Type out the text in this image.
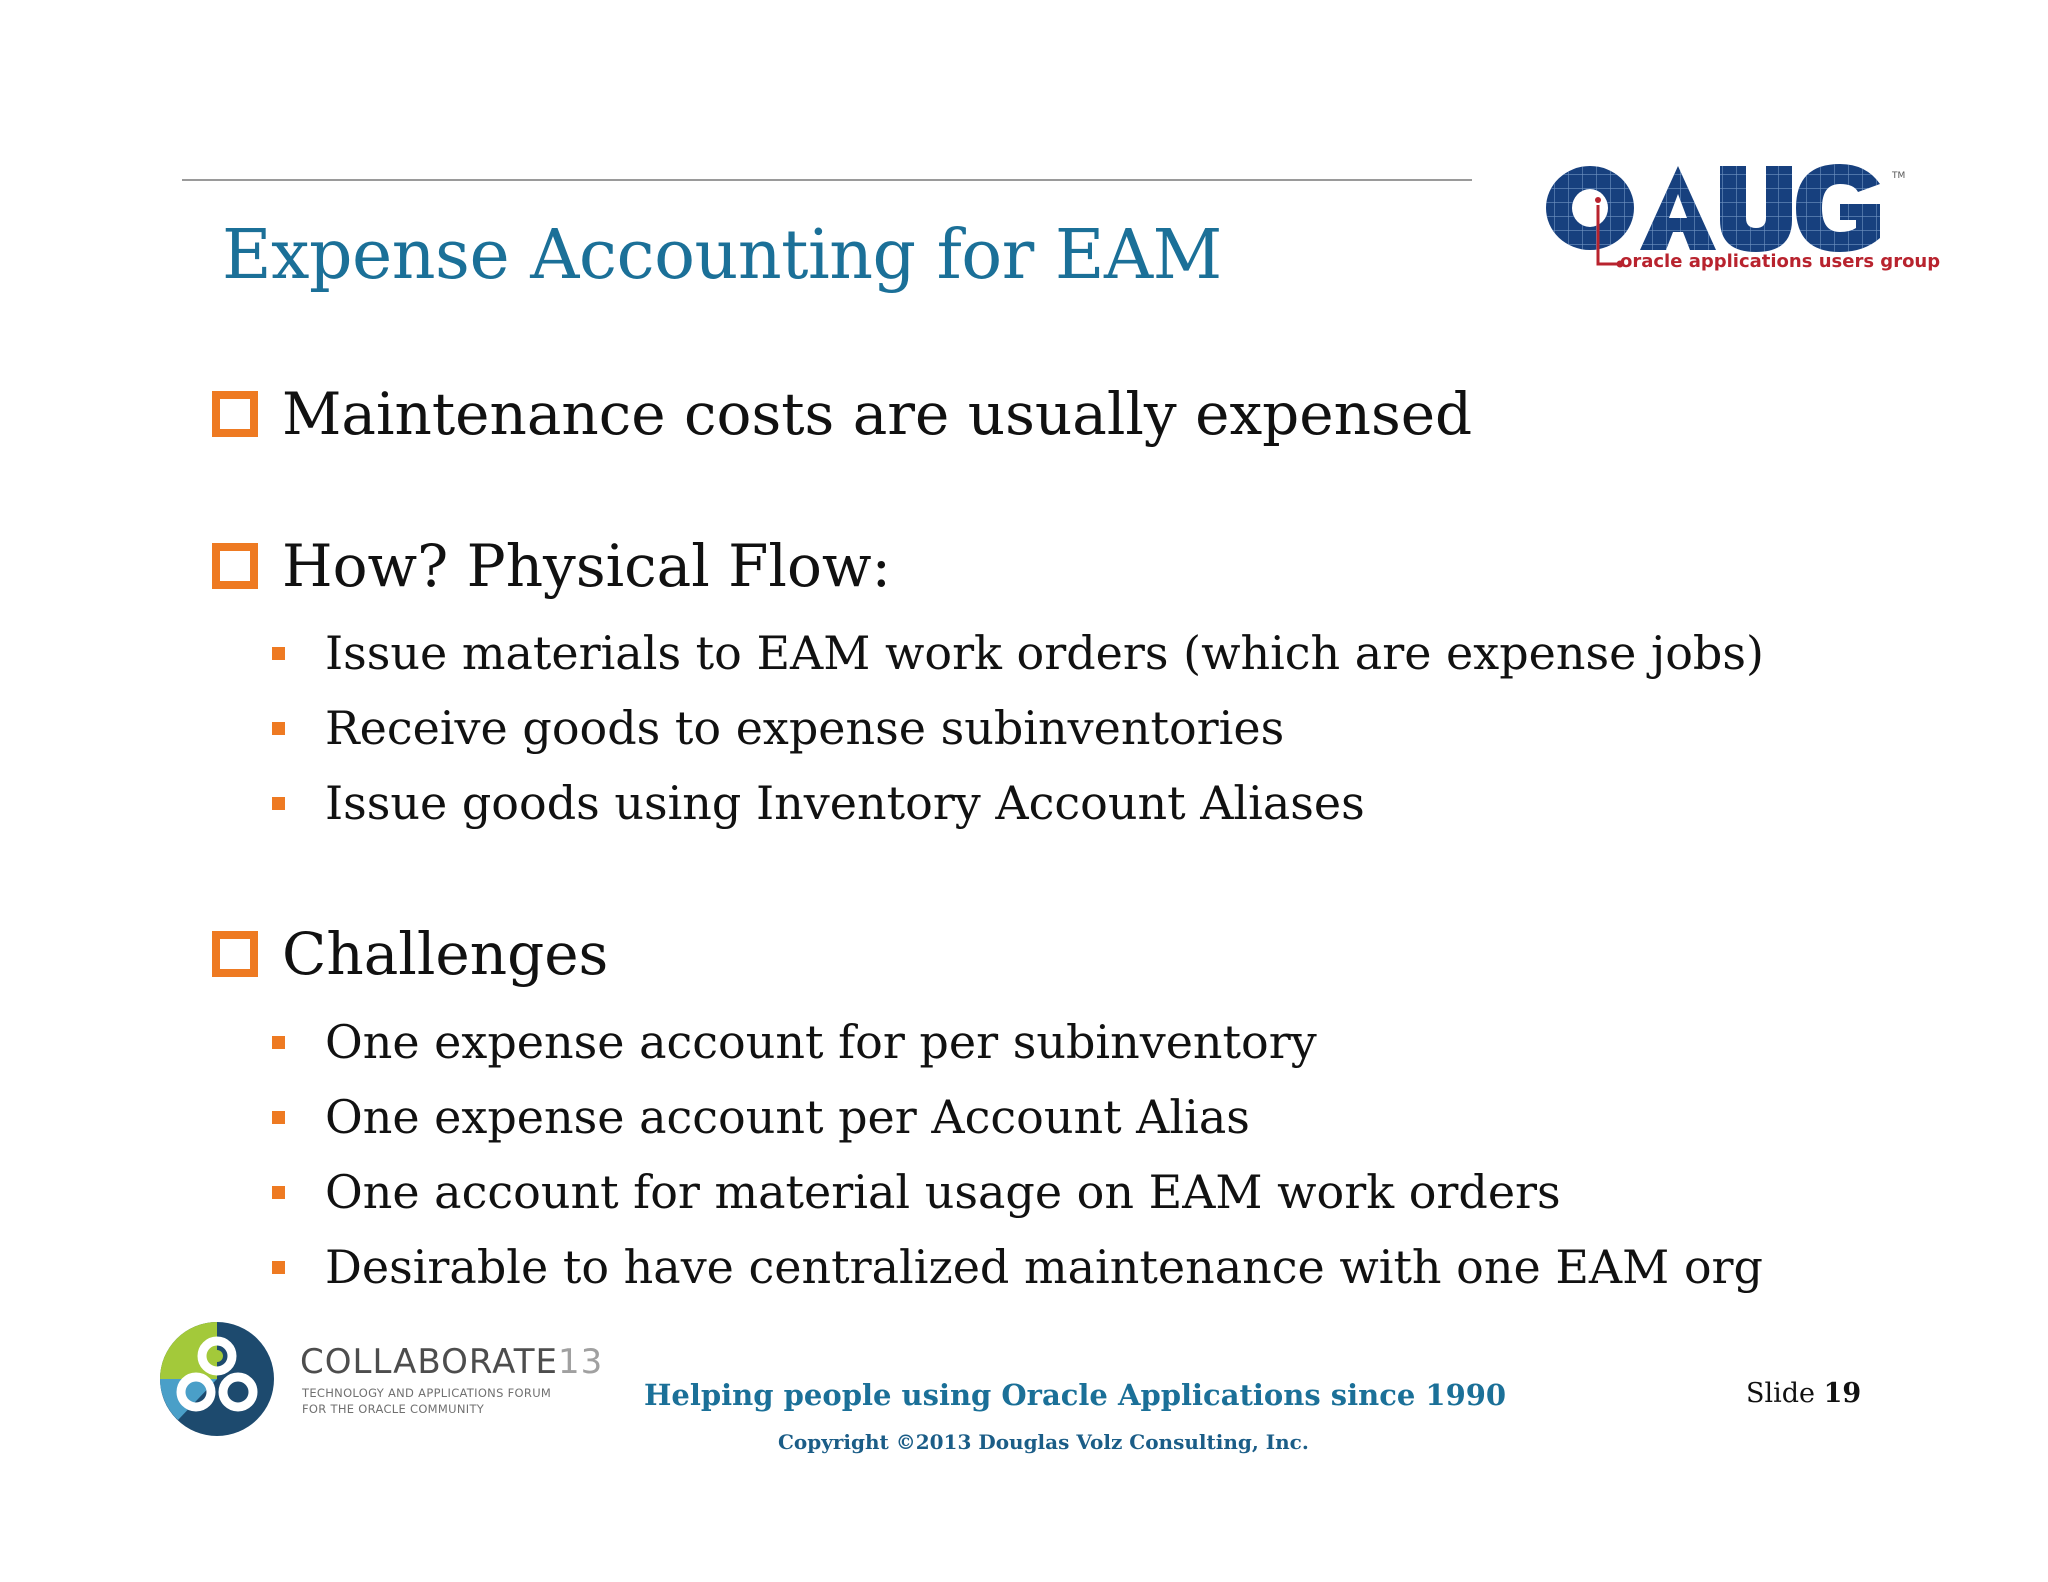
Expense Accounting for EAM
TM
oracle applications users group
Maintenance costs are usually expensed
How? Physical Flow:
Issue materials to EAM work orders (which are expense jobs)
Receive goods to expense subinventories
Issue goods using Inventory Account Aliases
Challenges
One expense account for per subinventory
One expense account per Account Alias
One account for material usage on EAM work orders
Desirable to have centralized maintenance with one EAM org
COLLABORATE13
TECHNOLOGY AND APPLICATIONS FORUM
FOR THE ORACLE COMMUNITY	Helping people using Oracle Applications since 1990
Copyright ©2013 Douglas Volz Consulting, Inc.
Slide 19
